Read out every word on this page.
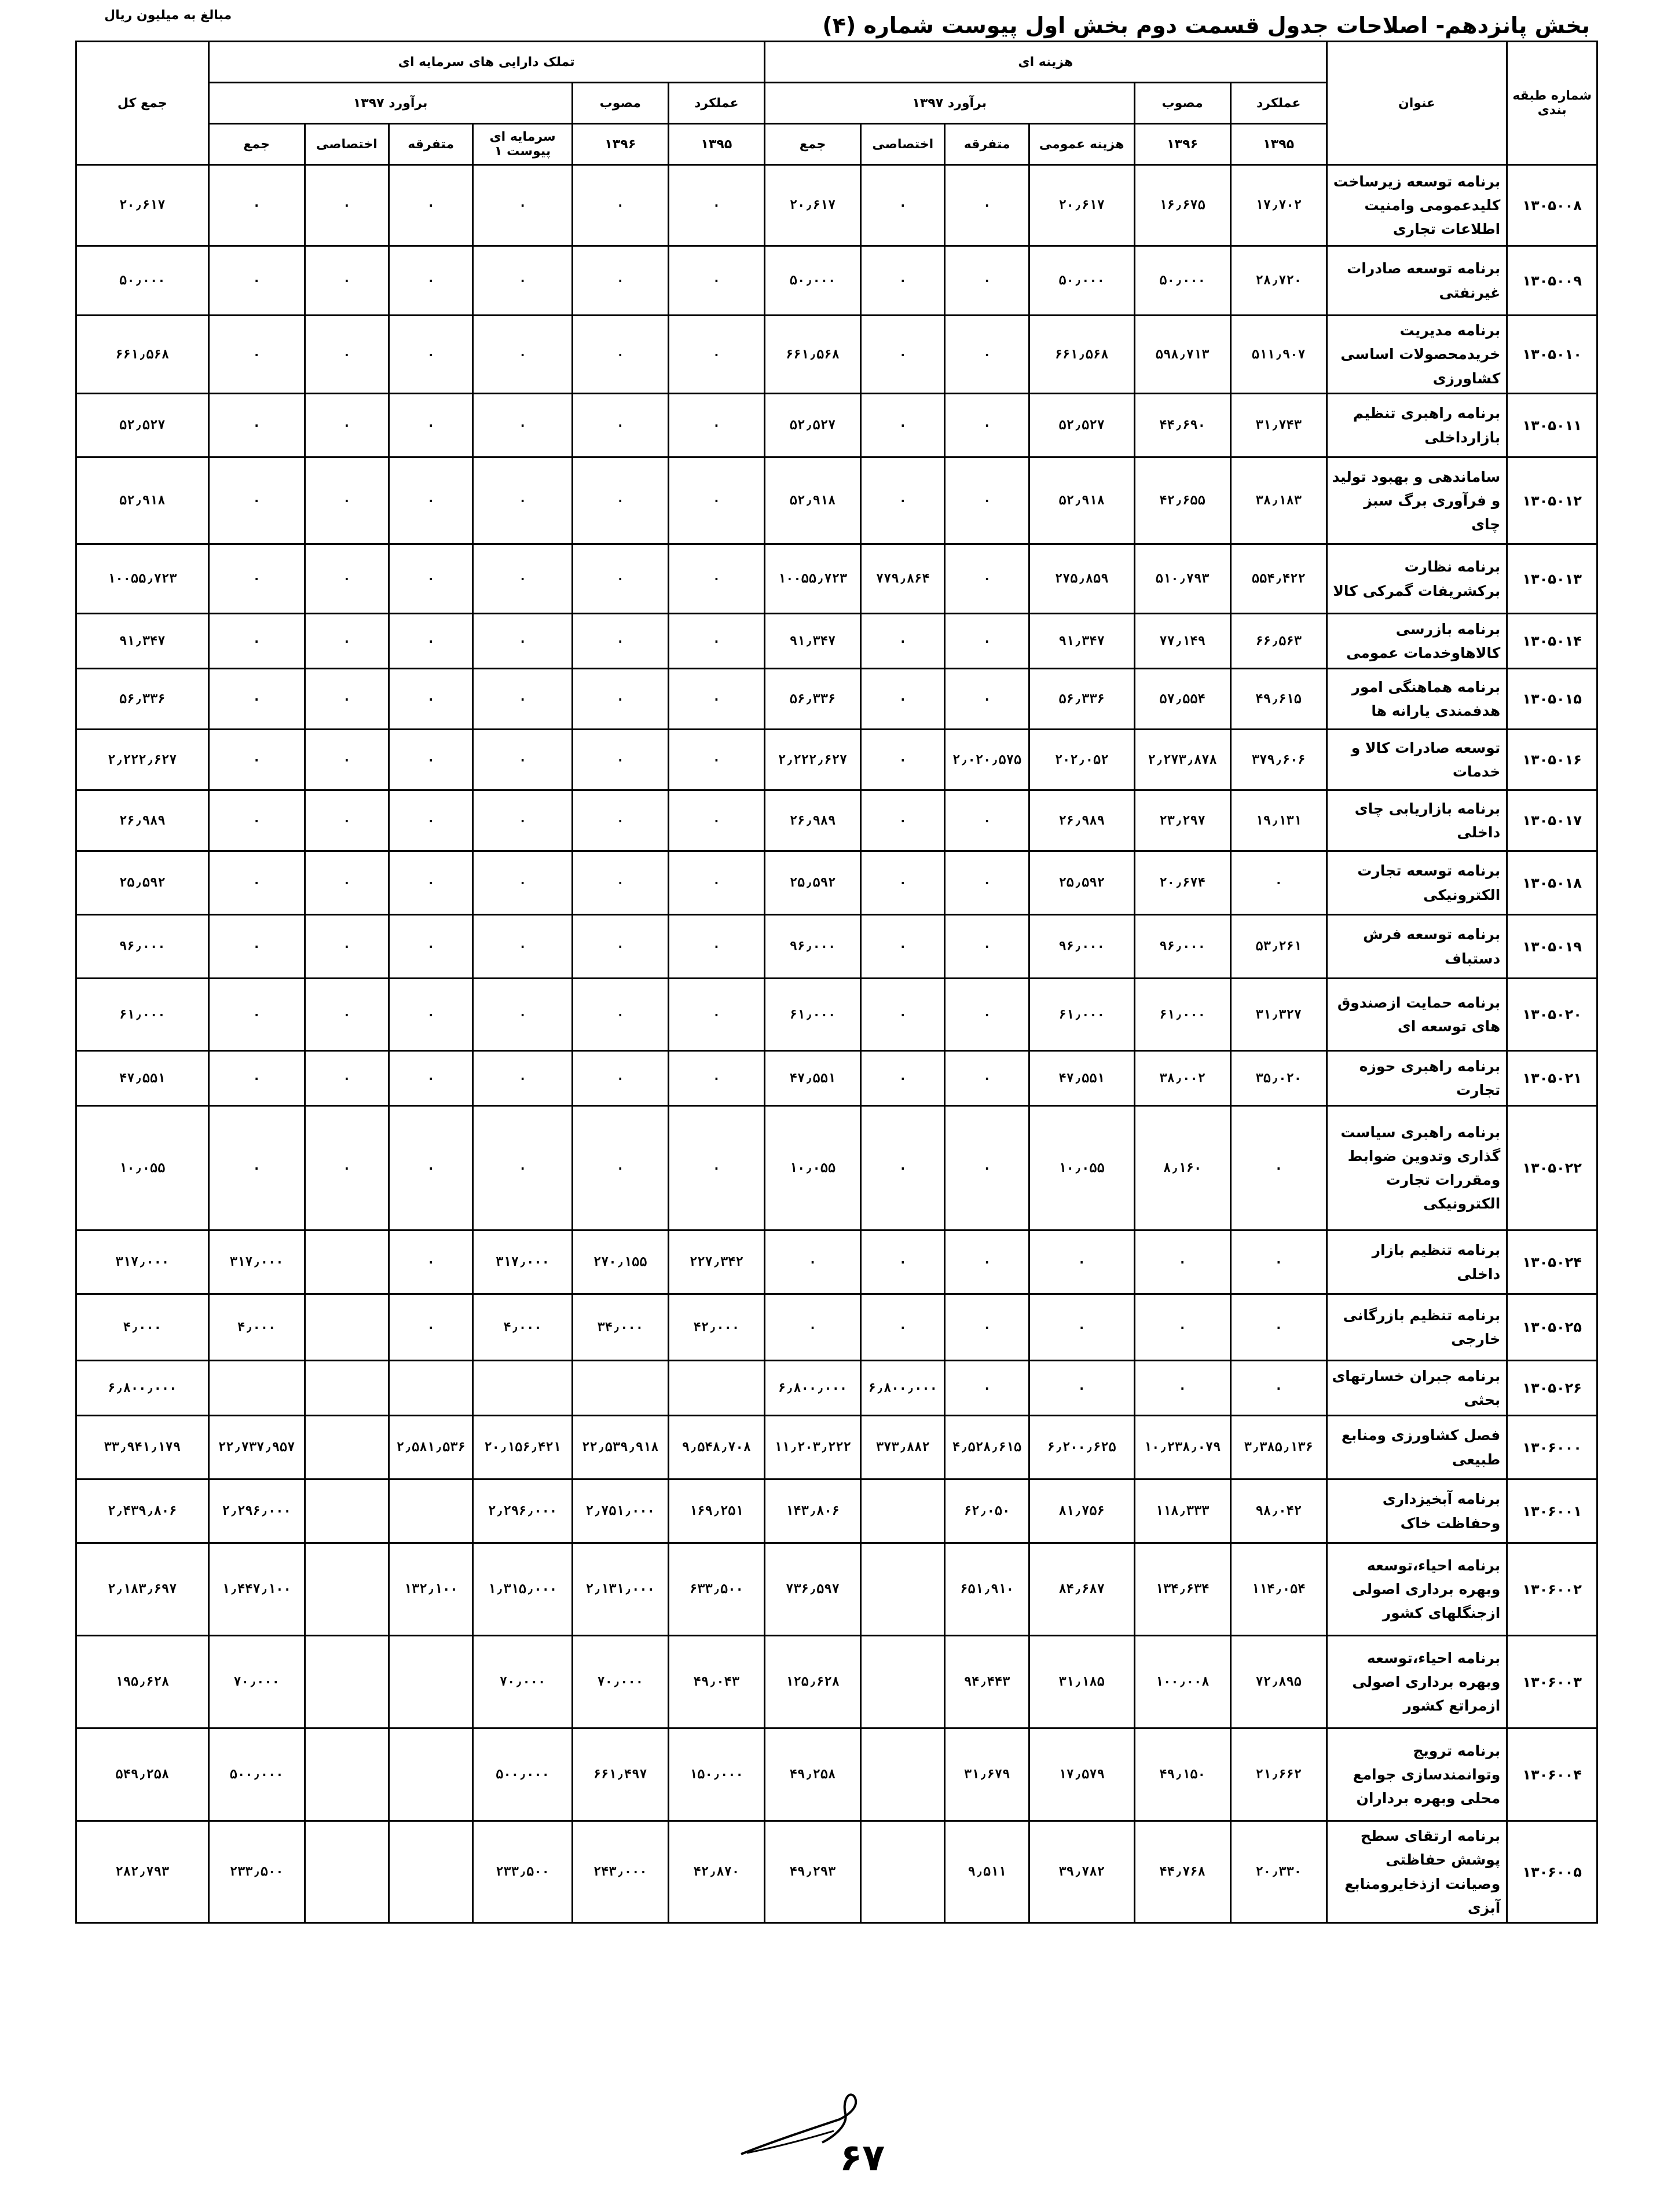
مبالغ به میلیون ریال	بخش پانزدهم- اصلاحات جدول قسمت دوم بخش اول پیوست شماره (۴)
شماره طبقه بندی	عنوان	هزینه ای						تملک دارایی های سرمایه ای						جمع کل
		عملکرد	مصوب	برآورد ۱۳۹۷				عملکرد	مصوب	برآورد ۱۳۹۷				
		۱۳۹۵	۱۳۹۶	هزینه عمومی	متفرقه	اختصاصی	جمع	۱۳۹۵	۱۳۹۶	سرمایه ای پیوست ۱	متفرقه	اختصاصی	جمع	
۱۳۰۵۰۰۸	برنامه توسعه زیرساخت کلیدعمومی وامنیت اطلاعات تجاری	۱۷٫۷۰۲	۱۶٫۶۷۵	۲۰٫۶۱۷	۰	۰	۲۰٫۶۱۷	۰	۰	۰	۰	۰	۰	۲۰٫۶۱۷
۱۳۰۵۰۰۹	برنامه توسعه صادرات غیرنفتی	۲۸٫۷۲۰	۵۰٫۰۰۰	۵۰٫۰۰۰	۰	۰	۵۰٫۰۰۰	۰	۰	۰	۰	۰	۰	۵۰٫۰۰۰
۱۳۰۵۰۱۰	برنامه مدیریت خریدمحصولات اساسی کشاورزی	۵۱۱٫۹۰۷	۵۹۸٫۷۱۳	۶۶۱٫۵۶۸	۰	۰	۶۶۱٫۵۶۸	۰	۰	۰	۰	۰	۰	۶۶۱٫۵۶۸
۱۳۰۵۰۱۱	برنامه راهبری تنظیم بازارداخلی	۳۱٫۷۴۳	۴۴٫۶۹۰	۵۲٫۵۲۷	۰	۰	۵۲٫۵۲۷	۰	۰	۰	۰	۰	۰	۵۲٫۵۲۷
۱۳۰۵۰۱۲	ساماندهی و بهبود تولید و فرآوری برگ سبز چای	۳۸٫۱۸۳	۴۲٫۶۵۵	۵۲٫۹۱۸	۰	۰	۵۲٫۹۱۸	۰	۰	۰	۰	۰	۰	۵۲٫۹۱۸
۱۳۰۵۰۱۳	برنامه نظارت برکشریفات گمرکی کالا	۵۵۴٫۴۲۲	۵۱۰٫۷۹۳	۲۷۵٫۸۵۹	۰	۷۷۹٫۸۶۴	۱۰۰۵۵٫۷۲۳	۰	۰	۰	۰	۰	۰	۱۰۰۵۵٫۷۲۳
۱۳۰۵۰۱۴	برنامه بازرسی کالاهاوخدمات عمومی	۶۶٫۵۶۳	۷۷٫۱۴۹	۹۱٫۳۴۷	۰	۰	۹۱٫۳۴۷	۰	۰	۰	۰	۰	۰	۹۱٫۳۴۷
۱۳۰۵۰۱۵	برنامه هماهنگی امور هدفمندی یارانه ها	۴۹٫۶۱۵	۵۷٫۵۵۴	۵۶٫۳۳۶	۰	۰	۵۶٫۳۳۶	۰	۰	۰	۰	۰	۰	۵۶٫۳۳۶
۱۳۰۵۰۱۶	توسعه صادرات کالا و خدمات	۳۷۹٫۶۰۶	۲٫۲۷۳٫۸۷۸	۲۰۲٫۰۵۲	۲٫۰۲۰٫۵۷۵	۰	۲٫۲۲۲٫۶۲۷	۰	۰	۰	۰	۰	۰	۲٫۲۲۲٫۶۲۷
۱۳۰۵۰۱۷	برنامه بازاریابی چای داخلی	۱۹٫۱۳۱	۲۳٫۲۹۷	۲۶٫۹۸۹	۰	۰	۲۶٫۹۸۹	۰	۰	۰	۰	۰	۰	۲۶٫۹۸۹
۱۳۰۵۰۱۸	برنامه توسعه تجارت الکترونیکی	۰	۲۰٫۶۷۴	۲۵٫۵۹۲	۰	۰	۲۵٫۵۹۲	۰	۰	۰	۰	۰	۰	۲۵٫۵۹۲
۱۳۰۵۰۱۹	برنامه توسعه فرش دستباف	۵۳٫۲۶۱	۹۶٫۰۰۰	۹۶٫۰۰۰	۰	۰	۹۶٫۰۰۰	۰	۰	۰	۰	۰	۰	۹۶٫۰۰۰
۱۳۰۵۰۲۰	برنامه حمایت ازصندوق های توسعه ای	۳۱٫۳۲۷	۶۱٫۰۰۰	۶۱٫۰۰۰	۰	۰	۶۱٫۰۰۰	۰	۰	۰	۰	۰	۰	۶۱٫۰۰۰
۱۳۰۵۰۲۱	برنامه راهبری حوزه تجارت	۳۵٫۰۲۰	۳۸٫۰۰۲	۴۷٫۵۵۱	۰	۰	۴۷٫۵۵۱	۰	۰	۰	۰	۰	۰	۴۷٫۵۵۱
۱۳۰۵۰۲۲	برنامه راهبری سیاست گذاری وتدوین ضوابط ومقررات تجارت الکترونیکی	۰	۸٫۱۶۰	۱۰٫۰۵۵	۰	۰	۱۰٫۰۵۵	۰	۰	۰	۰	۰	۰	۱۰٫۰۵۵
۱۳۰۵۰۲۴	برنامه تنظیم بازار داخلی	۰	۰	۰	۰	۰	۰	۲۲۷٫۳۴۲	۲۷۰٫۱۵۵	۳۱۷٫۰۰۰	۰		۳۱۷٫۰۰۰	۳۱۷٫۰۰۰
۱۳۰۵۰۲۵	برنامه تنظیم بازرگانی خارجی	۰	۰	۰	۰	۰	۰	۴۲٫۰۰۰	۳۴٫۰۰۰	۴٫۰۰۰	۰		۴٫۰۰۰	۴٫۰۰۰
۱۳۰۵۰۲۶	برنامه جبران خسارتهای بحثی	۰	۰	۰	۰	۶٫۸۰۰٫۰۰۰	۶٫۸۰۰٫۰۰۰							۶٫۸۰۰٫۰۰۰
۱۳۰۶۰۰۰	فصل کشاورزی ومنابع طبیعی	۳٫۳۸۵٫۱۳۶	۱۰٫۲۳۸٫۰۷۹	۶٫۲۰۰٫۶۲۵	۴٫۵۲۸٫۶۱۵	۳۷۳٫۸۸۲	۱۱٫۲۰۳٫۲۲۲	۹٫۵۴۸٫۷۰۸	۲۲٫۵۳۹٫۹۱۸	۲۰٫۱۵۶٫۴۲۱	۲٫۵۸۱٫۵۳۶		۲۲٫۷۳۷٫۹۵۷	۳۳٫۹۴۱٫۱۷۹
۱۳۰۶۰۰۱	برنامه آبخیزداری وحفاظت خاک	۹۸٫۰۴۲	۱۱۸٫۳۳۳	۸۱٫۷۵۶	۶۲٫۰۵۰		۱۴۳٫۸۰۶	۱۶۹٫۲۵۱	۲٫۷۵۱٫۰۰۰	۲٫۲۹۶٫۰۰۰			۲٫۲۹۶٫۰۰۰	۲٫۴۳۹٫۸۰۶
۱۳۰۶۰۰۲	برنامه احیاء،توسعه وبهره برداری اصولی ازجنگلهای کشور	۱۱۴٫۰۵۴	۱۳۴٫۶۳۴	۸۴٫۶۸۷	۶۵۱٫۹۱۰		۷۳۶٫۵۹۷	۶۳۳٫۵۰۰	۲٫۱۳۱٫۰۰۰	۱٫۳۱۵٫۰۰۰	۱۳۲٫۱۰۰		۱٫۴۴۷٫۱۰۰	۲٫۱۸۳٫۶۹۷
۱۳۰۶۰۰۳	برنامه احیاء،توسعه وبهره برداری اصولی ازمراتع کشور	۷۲٫۸۹۵	۱۰۰٫۰۰۸	۳۱٫۱۸۵	۹۴٫۴۴۳		۱۲۵٫۶۲۸	۴۹٫۰۴۳	۷۰٫۰۰۰	۷۰٫۰۰۰			۷۰٫۰۰۰	۱۹۵٫۶۲۸
۱۳۰۶۰۰۴	برنامه ترویج وتوانمندسازی جوامع محلی وبهره برداران	۲۱٫۶۶۲	۴۹٫۱۵۰	۱۷٫۵۷۹	۳۱٫۶۷۹		۴۹٫۲۵۸	۱۵۰٫۰۰۰	۶۶۱٫۴۹۷	۵۰۰٫۰۰۰			۵۰۰٫۰۰۰	۵۴۹٫۲۵۸
۱۳۰۶۰۰۵	برنامه ارتقای سطح پوشش حفاظتی وصیانت ازذخایرومنابع آبزی	۲۰٫۳۳۰	۴۴٫۷۶۸	۳۹٫۷۸۲	۹٫۵۱۱		۴۹٫۲۹۳	۴۲٫۸۷۰	۲۴۳٫۰۰۰	۲۳۳٫۵۰۰			۲۳۳٫۵۰۰	۲۸۲٫۷۹۳
۶۷
